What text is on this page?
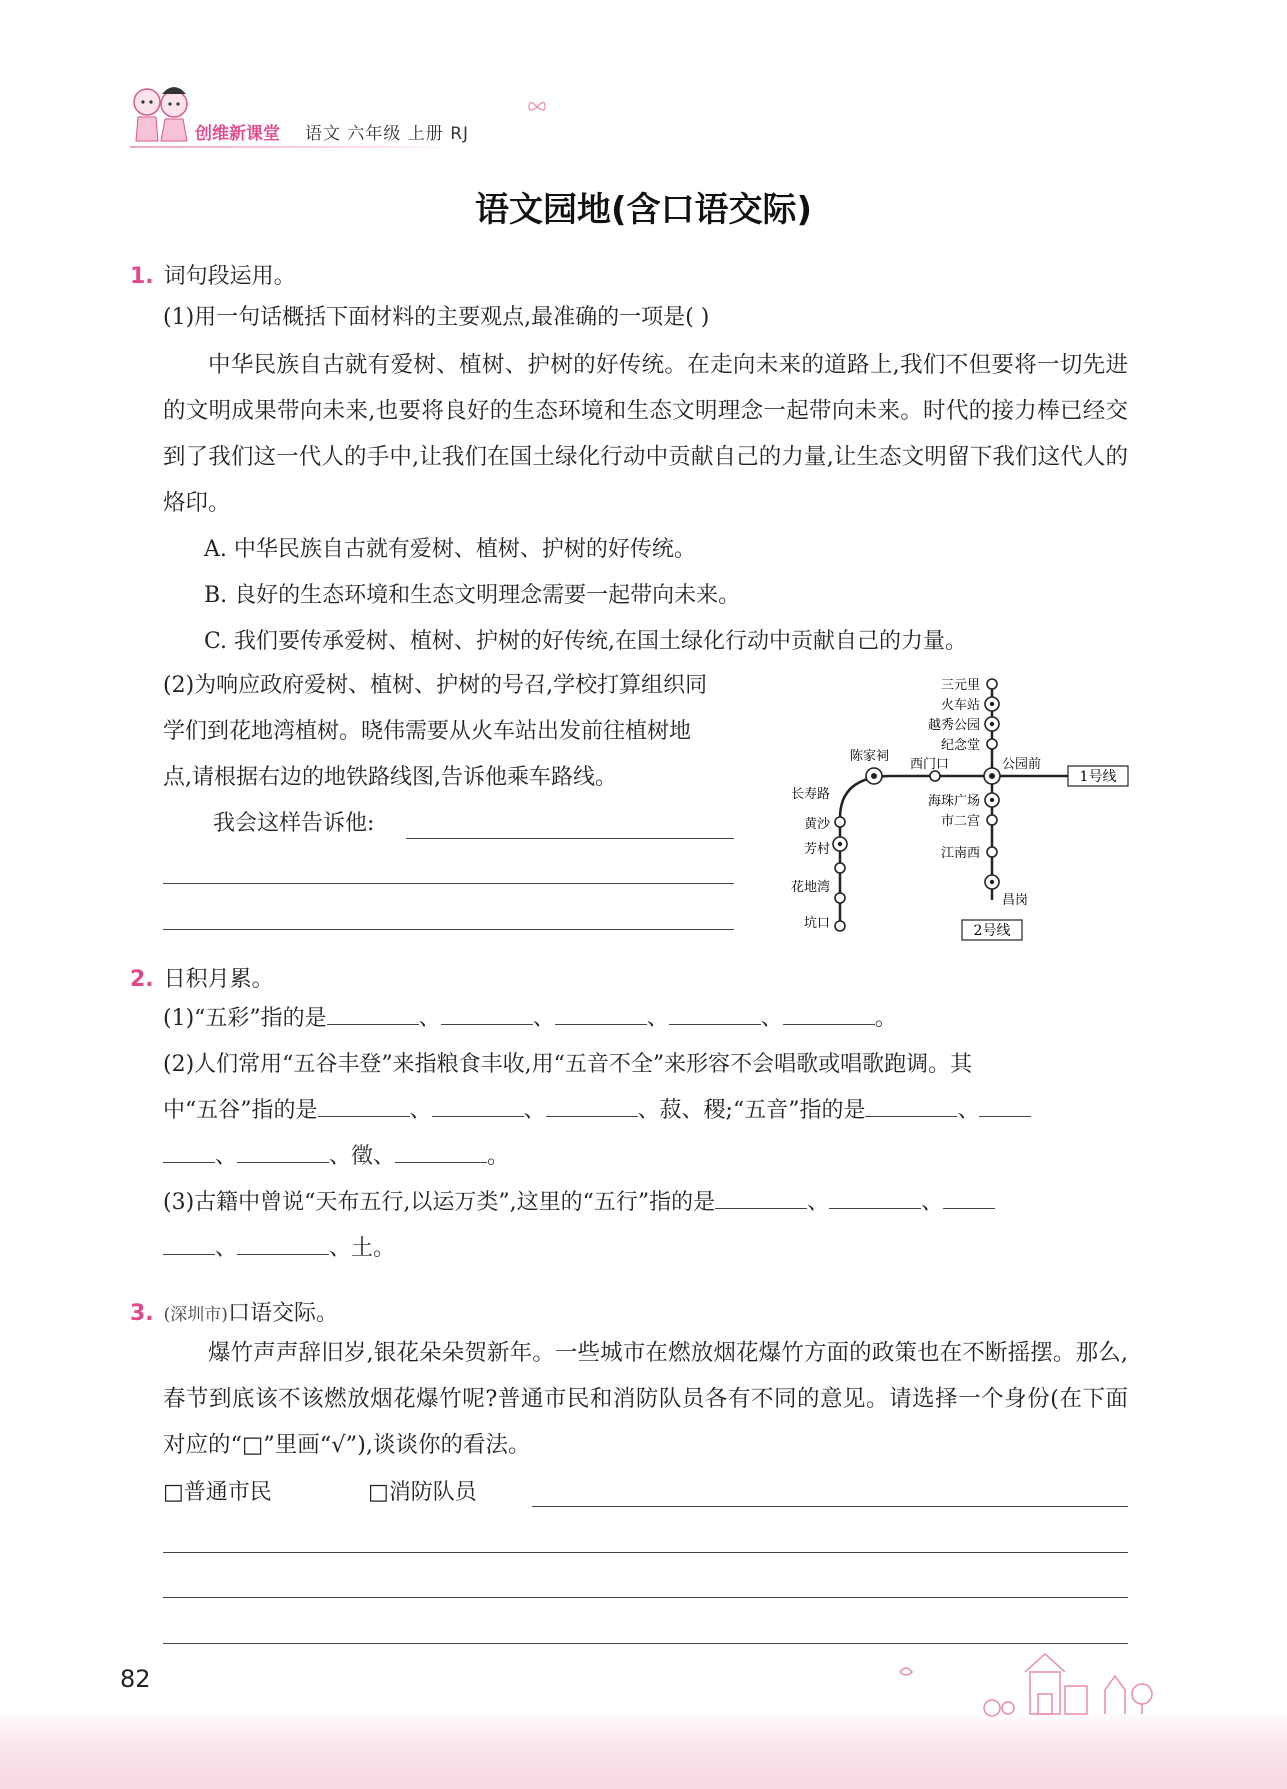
创维新课堂 语文 六年级 上册 RJ
语文园地(含口语交际)
1. 词句段运用。
(1)用一句话概括下面材料的主要观点,最准确的一项是( )
中华民族自古就有爱树、植树、护树的好传统。在走向未来的道路上,我们不但要将一切先进的文明成果带向未来,也要将良好的生态环境和生态文明理念一起带向未来。时代的接力棒已经交到了我们这一代人的手中,让我们在国土绿化行动中贡献自己的力量,让生态文明留下我们这代人的烙印。
A. 中华民族自古就有爱树、植树、护树的好传统。
B. 良好的生态环境和生态文明理念需要一起带向未来。
C. 我们要传承爱树、植树、护树的好传统,在国土绿化行动中贡献自己的力量。
(2)为响应政府爱树、植树、护树的号召,学校打算组织同
学们到花地湾植树。晓伟需要从火车站出发前往植树地
点,请根据右边的地铁路线图,告诉他乘车路线。
我会这样告诉他:
三元里
火车站
越秀公园
纪念堂
公园前
西门口
陈家祠
长寿路
黄沙
芳村
花地湾
坑口
海珠广场
市二宫
江南西
昌岗
1号线
2号线
2. 日积月累。
(1)“五彩”指的是	、	、	、	、	。
(2)人们常用“五谷丰登”来指粮食丰收,用“五音不全”来形容不会唱歌或唱歌跑调。其
中“五谷”指的是	、	、	、菽、稷;“五音”指的是	、
、	、徵、	。
(3)古籍中曾说“天布五行,以运万类”,这里的“五行”指的是	、	、
、	、土。
3. (深圳市)口语交际。
爆竹声声辞旧岁,银花朵朵贺新年。一些城市在燃放烟花爆竹方面的政策也在不断摇摆。那么,春节到底该不该燃放烟花爆竹呢?普通市民和消防队员各有不同的意见。请选择一个身份(在下面对应的“□”里画“√”),谈谈你的看法。
□普通市民	□消防队员
82
